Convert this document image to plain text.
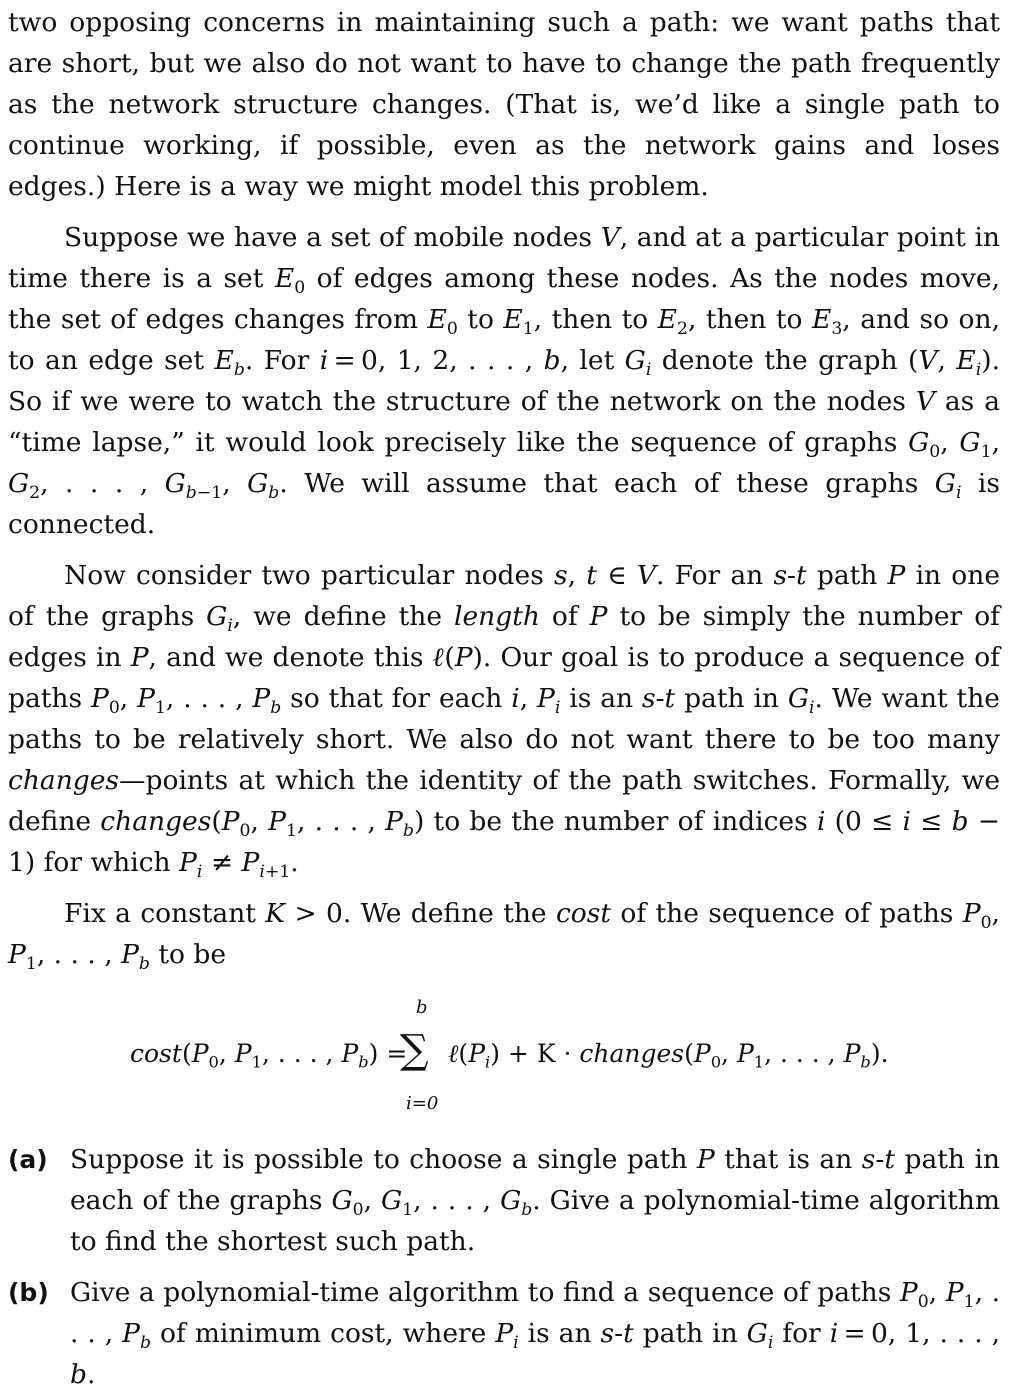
two opposing concerns in maintaining such a path: we want paths that are short, but we also do not want to have to change the path frequently as the network structure changes. (That is, we’d like a single path to continue working, if possible, even as the network gains and loses edges.) Here is a way we might model this problem.

Suppose we have a set of mobile nodes V, and at a particular point in time there is a set $E_0$ of edges among these nodes. As the nodes move, the set of edges changes from $E_0$ to $E_1$, then to $E_2$, then to $E_3$, and so on, to an edge set $E_b$. For i = 0, 1, 2, . . . , b, let $G_i$ denote the graph (V, $E_i$). So if we were to watch the structure of the network on the nodes V as a “time lapse,” it would look precisely like the sequence of graphs $G_0$, $G_1$, $G_2$, . . . , $G_{b-1}$, $G_b$. We will assume that each of these graphs $G_i$ is connected.

Now consider two particular nodes s, t ∈ V. For an s-t path P in one of the graphs $G_i$, we define the length of P to be simply the number of edges in P, and we denote this ℓ(P). Our goal is to produce a sequence of paths $P_0$, $P_1$, . . . , $P_b$ so that for each i, $P_i$ is an s-t path in $G_i$. We want the paths to be relatively short. We also do not want there to be too many changes—points at which the identity of the path switches. Formally, we define $changes(P_0$, $P_1$, . . . , $P_b$) to be the number of indices i (0 ≤ i ≤ b − 1) for which $P_i \ne P_{i+1}$.

Fix a constant K > 0. We define the cost of the sequence of paths $P_0$, $P_1$, . . . , $P_b$ to be

$\cos t(P_0$, $P_1$, . . . , $P_b$) =
b
∑
i=0
$\ell(P_i) + K$ · $changes(P_0$, $P_1$, . . . , $P_b$).
(a) Suppose it is possible to choose a single path P that is an s-t path in each of the graphs $G_0$, $G_1$, . . . , $G_b$. Give a polynomial-time algorithm to find the shortest such path.
(b) Give a polynomial-time algorithm to find a sequence of paths $P_0$, $P_1$, . . . , $P_b$ of minimum cost, where $P_i$ is an s-t path in $G_i$ for i = 0, 1, . . . , b.
